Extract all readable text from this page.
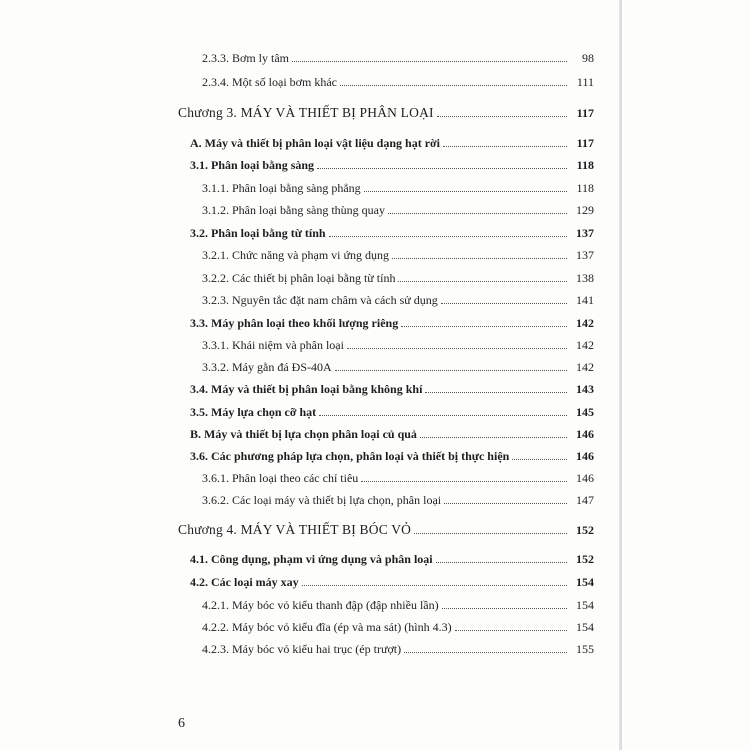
2.3.3. Bơm ly tâm	98
2.3.4. Một số loại bơm khác	111
Chương 3. MÁY VÀ THIẾT BỊ PHÂN LOẠI	117
A. Máy và thiết bị phân loại vật liệu dạng hạt rời	117
3.1. Phân loại bằng sàng	118
3.1.1. Phân loại bằng sàng phẳng	118
3.1.2. Phân loại bằng sàng thùng quay	129
3.2. Phân loại bằng từ tính	137
3.2.1. Chức năng và phạm vi ứng dụng	137
3.2.2. Các thiết bị phân loại bằng từ tính	138
3.2.3. Nguyên tắc đặt nam châm và cách sử dụng	141
3.3. Máy phân loại theo khối lượng riêng	142
3.3.1. Khái niệm và phân loại	142
3.3.2. Máy gằn đá ĐS-40A	142
3.4. Máy và thiết bị phân loại bằng không khí	143
3.5. Máy lựa chọn cỡ hạt	145
B. Máy và thiết bị lựa chọn phân loại củ quả	146
3.6. Các phương pháp lựa chọn, phân loại và thiết bị thực hiện	146
3.6.1. Phân loại theo các chỉ tiêu	146
3.6.2. Các loại máy và thiết bị lựa chọn, phân loại	147
Chương 4. MÁY VÀ THIẾT BỊ BÓC VỎ	152
4.1. Công dụng, phạm vi ứng dụng và phân loại	152
4.2. Các loại máy xay	154
4.2.1. Máy bóc vỏ kiểu thanh đập (đập nhiều lần)	154
4.2.2. Máy bóc vỏ kiểu đĩa (ép và ma sát) (hình 4.3)	154
4.2.3. Máy bóc vỏ kiểu hai trục (ép trượt)	155
6
